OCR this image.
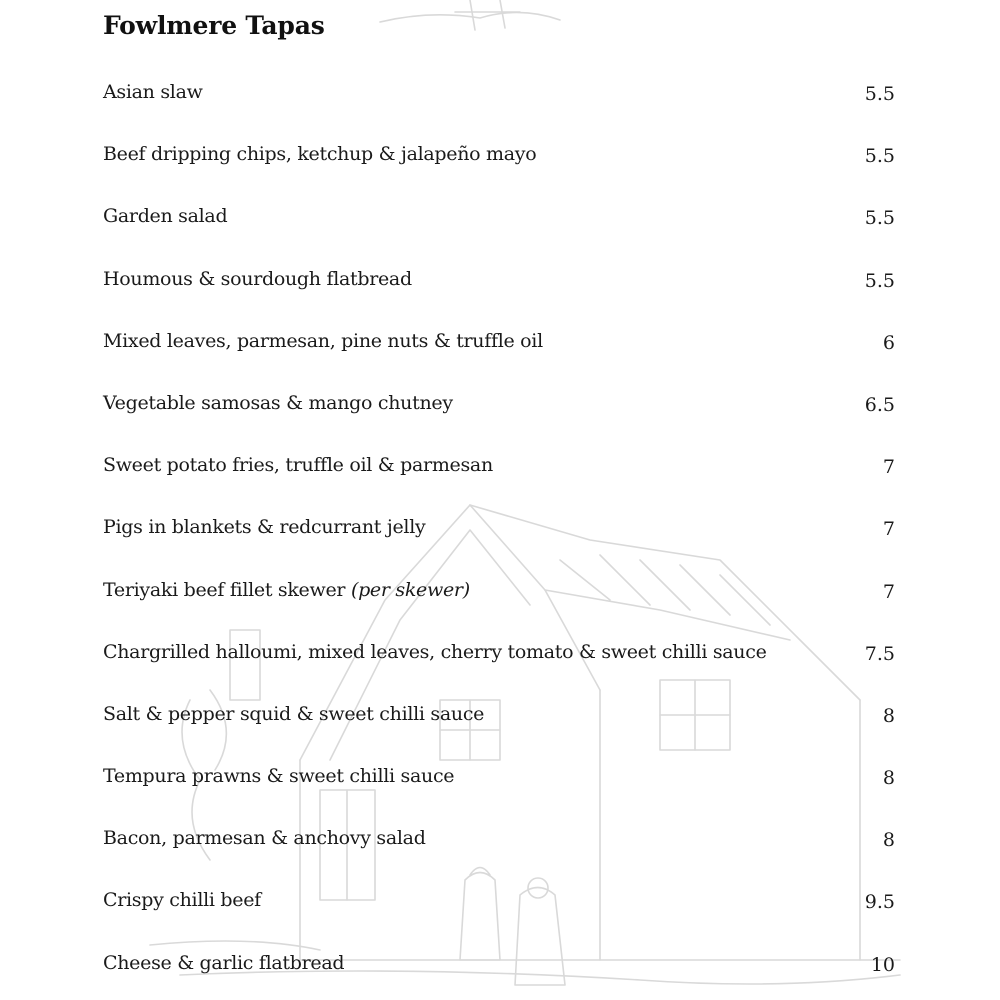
Fowlmere Tapas
Asian slaw	5.5
Beef dripping chips, ketchup & jalapeño mayo	5.5
Garden salad	5.5
Houmous & sourdough flatbread	5.5
Mixed leaves, parmesan, pine nuts & truffle oil	6
Vegetable samosas & mango chutney	6.5
Sweet potato fries, truffle oil & parmesan	7
Pigs in blankets & redcurrant jelly	7
Teriyaki beef fillet skewer (per skewer)	7
Chargrilled halloumi, mixed leaves, cherry tomato & sweet chilli sauce	7.5
Salt & pepper squid & sweet chilli sauce	8
Tempura prawns & sweet chilli sauce	8
Bacon, parmesan & anchovy salad	8
Crispy chilli beef	9.5
Cheese & garlic flatbread	10
